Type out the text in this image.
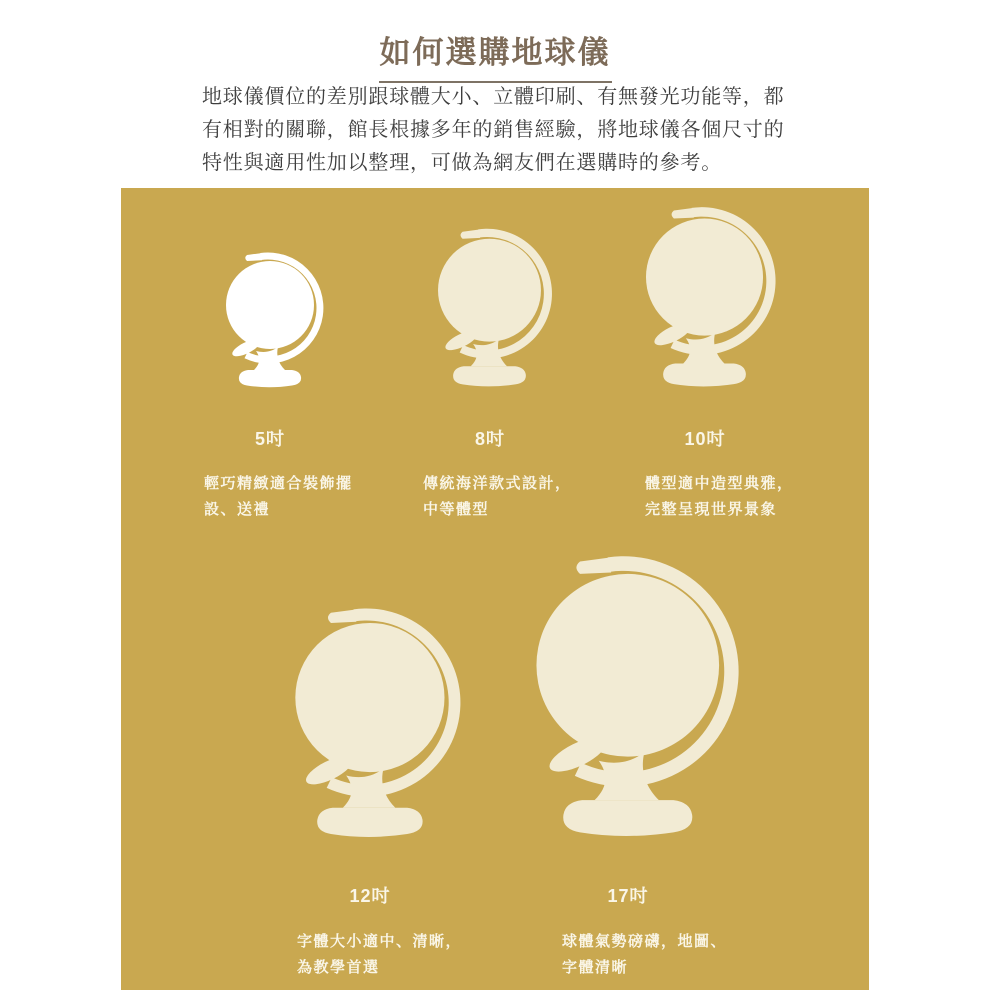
如何選購地球儀
地球儀價位的差別跟球體大小、立體印刷、有無發光功能等，都
有相對的關聯，館長根據多年的銷售經驗，將地球儀各個尺寸的
特性與適用性加以整理，可做為網友們在選購時的參考。
5吋	8吋	10吋
12吋	17吋
輕巧精緻適合裝飾擺
設、送禮
傳統海洋款式設計，
中等體型
體型適中造型典雅，
完整呈現世界景象
字體大小適中、清晰，
為教學首選
球體氣勢磅礴，地圖、
字體清晰
